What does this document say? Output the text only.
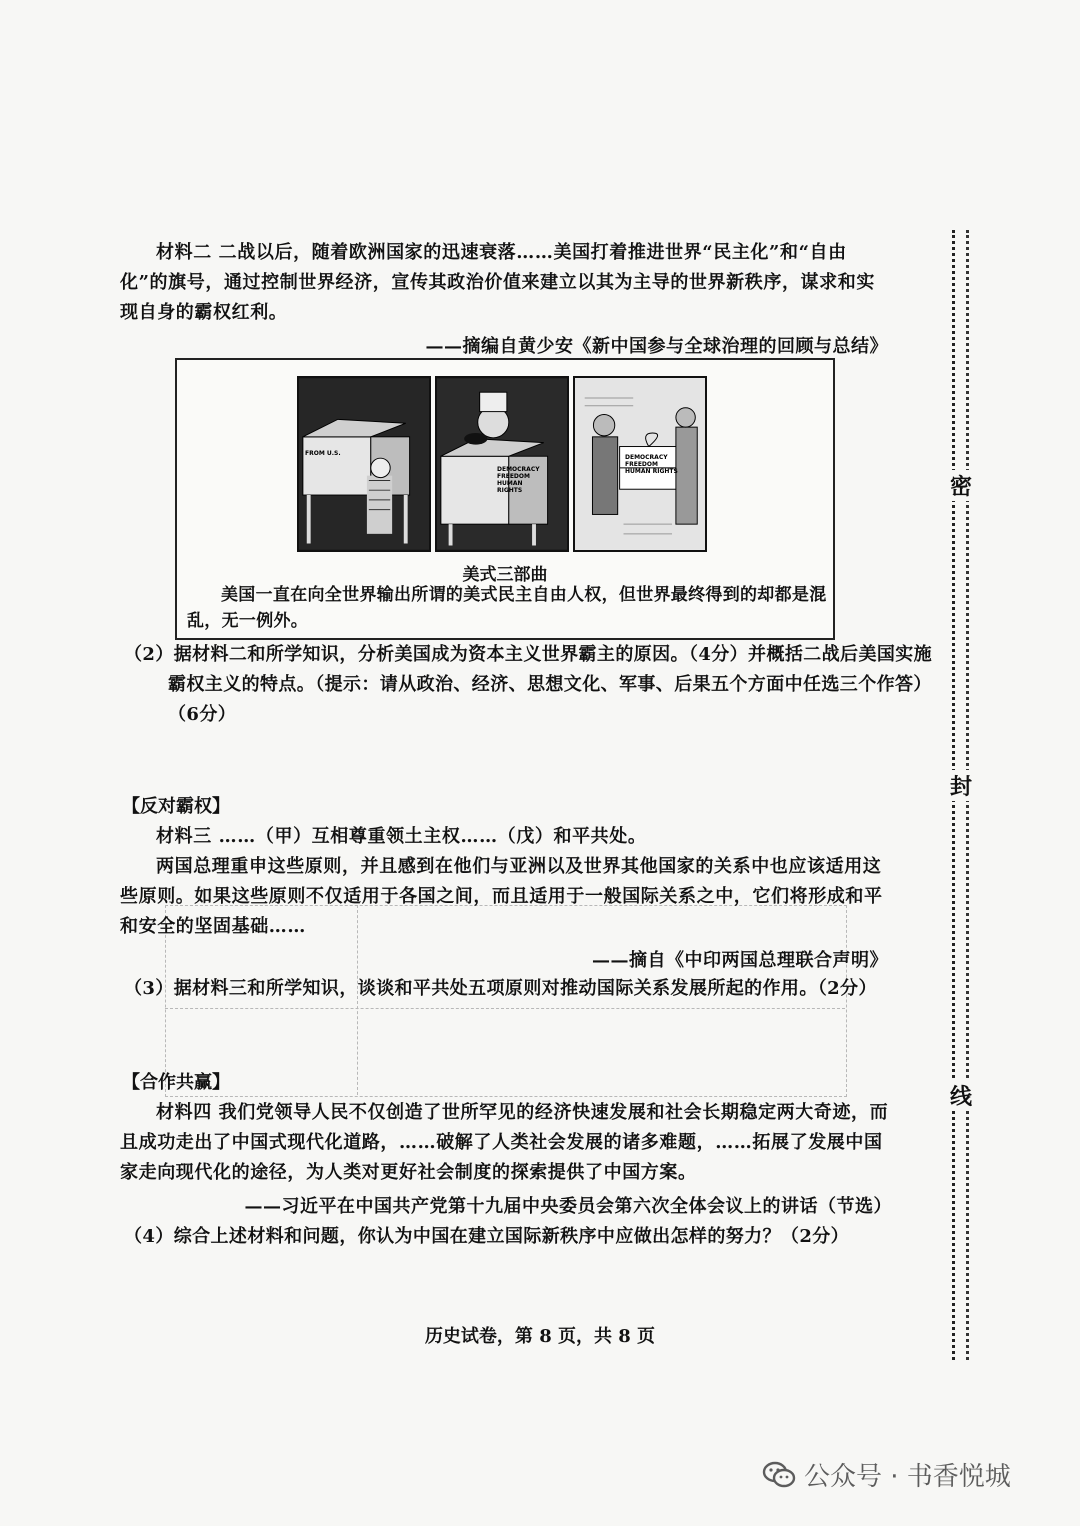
密
封
线
材料二 二战以后，随着欧洲国家的迅速衰落……美国打着推进世界“民主化”和“自由化”的旗号，通过控制世界经济，宣传其政治价值来建立以其为主导的世界新秩序，谋求和实现自身的霸权红利。
——摘编自黄少安《新中国参与全球治理的回顾与总结》
FROM U.S.
DEMOCRACY FREEDOM HUMAN RIGHTS
DEMOCRACY FREEDOM HUMAN RIGHTS
美式三部曲
美国一直在向全世界输出所谓的美式民主自由人权，但世界最终得到的却都是混乱，无一例外。
（2）据材料二和所学知识，分析美国成为资本主义世界霸主的原因。（4分）并概括二战后美国实施霸权主义的特点。（提示：请从政治、经济、思想文化、军事、后果五个方面中任选三个作答）（6分）
【反对霸权】
材料三 ……（甲）互相尊重领土主权……（戊）和平共处。
两国总理重申这些原则，并且感到在他们与亚洲以及世界其他国家的关系中也应该适用这些原则。如果这些原则不仅适用于各国之间，而且适用于一般国际关系之中，它们将形成和平和安全的坚固基础……
——摘自《中印两国总理联合声明》
（3）据材料三和所学知识，谈谈和平共处五项原则对推动国际关系发展所起的作用。（2分）
【合作共赢】
材料四 我们党领导人民不仅创造了世所罕见的经济快速发展和社会长期稳定两大奇迹，而且成功走出了中国式现代化道路，……破解了人类社会发展的诸多难题，……拓展了发展中国家走向现代化的途径，为人类对更好社会制度的探索提供了中国方案。
——习近平在中国共产党第十九届中央委员会第六次全体会议上的讲话（节选）
（4）综合上述材料和问题，你认为中国在建立国际新秩序中应做出怎样的努力？（2分）
历史试卷，第 8 页，共 8 页
公众号 · 书香悦城
